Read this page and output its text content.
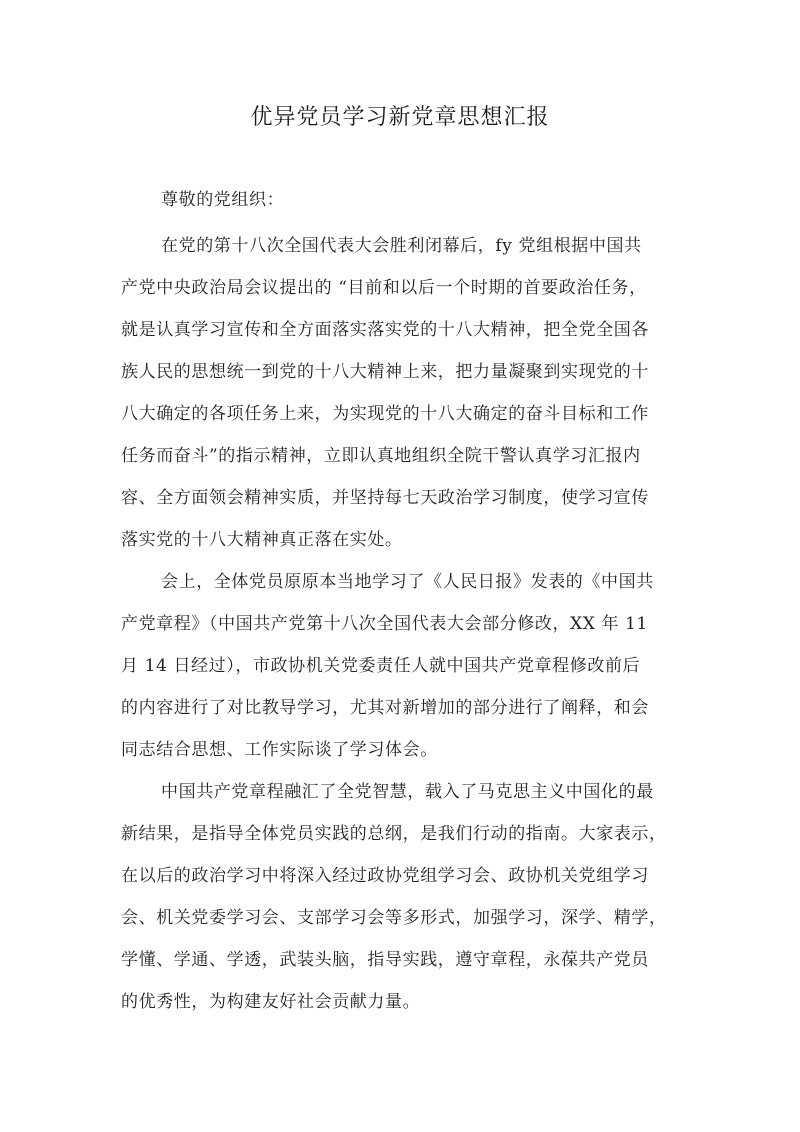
优异党员学习新党章思想汇报

尊敬的党组织：

在党的第十八次全国代表大会胜利闭幕后，fy 党组根据中国共

产党中央政治局会议提出的 “目前和以后一个时期的首要政治任务，

就是认真学习宣传和全方面落实落实党的十八大精神，把全党全国各

族人民的思想统一到党的十八大精神上来，把力量凝聚到实现党的十

八大确定的各项任务上来，为实现党的十八大确定的奋斗目标和工作

任务而奋斗”的指示精神，立即认真地组织全院干警认真学习汇报内

容、全方面领会精神实质，并坚持每七天政治学习制度，使学习宣传

落实党的十八大精神真正落在实处。

会上，全体党员原原本当地学习了《人民日报》发表的《中国共

产党章程》（中国共产党第十八次全国代表大会部分修改，XX 年 11

月 14 日经过），市政协机关党委责任人就中国共产党章程修改前后

的内容进行了对比教导学习，尤其对新增加的部分进行了阐释，和会

同志结合思想、工作实际谈了学习体会。

中国共产党章程融汇了全党智慧，载入了马克思主义中国化的最

新结果，是指导全体党员实践的总纲，是我们行动的指南。大家表示，

在以后的政治学习中将深入经过政协党组学习会、政协机关党组学习

会、机关党委学习会、支部学习会等多形式，加强学习，深学、精学，

学懂、学通、学透，武装头脑，指导实践，遵守章程，永葆共产党员

的优秀性，为构建友好社会贡献力量。
